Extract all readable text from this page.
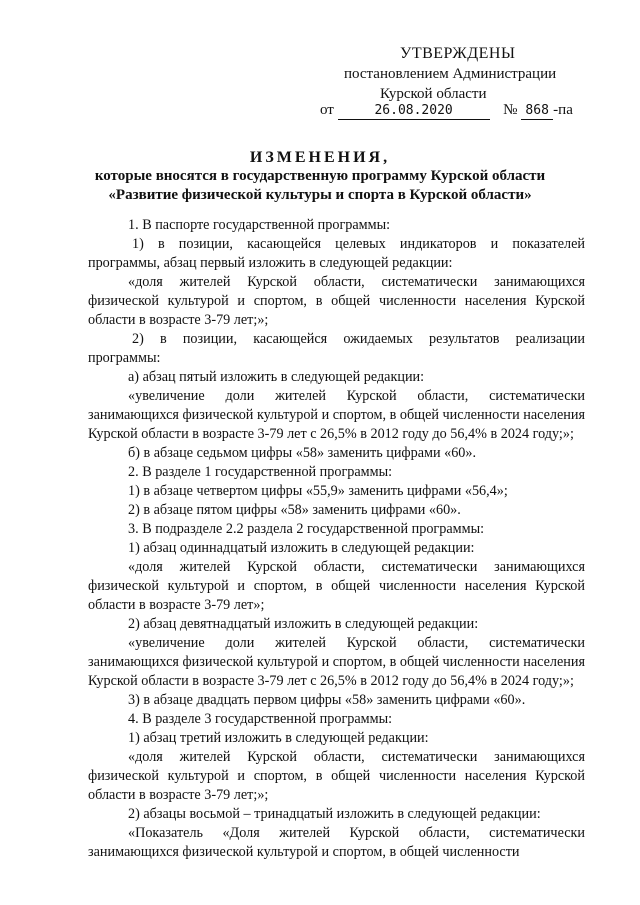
УТВЕРЖДЕНЫ
постановлением Администрации
Курской области
от	26.08.2020	№ 868 -па
ИЗМЕНЕНИЯ,
которые вносятся в государственную программу Курской области
«Развитие физической культуры и спорта в Курской области»

1. В паспорте государственной программы:

1) в позиции, касающейся целевых индикаторов и показателей программы, абзац первый изложить в следующей редакции:

«доля жителей Курской области, систематически занимающихся физической культурой и спортом, в общей численности населения Курской области в возрасте 3-79 лет;»;

2) в позиции, касающейся ожидаемых результатов реализации программы:

а) абзац пятый изложить в следующей редакции:

«увеличение доли жителей Курской области, систематически занимающихся физической культурой и спортом, в общей численности населения Курской области в возрасте 3-79 лет с 26,5% в 2012 году до 56,4% в 2024 году;»;

б) в абзаце седьмом цифры «58» заменить цифрами «60».

2. В разделе 1 государственной программы:

1) в абзаце четвертом цифры «55,9» заменить цифрами «56,4»;

2) в абзаце пятом цифры «58» заменить цифрами «60».

3. В подразделе 2.2 раздела 2 государственной программы:

1) абзац одиннадцатый изложить в следующей редакции:

«доля жителей Курской области, систематически занимающихся физической культурой и спортом, в общей численности населения Курской области в возрасте 3-79 лет»;

2) абзац девятнадцатый изложить в следующей редакции:

«увеличение доли жителей Курской области, систематически занимающихся физической культурой и спортом, в общей численности населения Курской области в возрасте 3-79 лет с 26,5% в 2012 году до 56,4% в 2024 году;»;

3) в абзаце двадцать первом цифры «58» заменить цифрами «60».

4. В разделе 3 государственной программы:

1) абзац третий изложить в следующей редакции:

«доля жителей Курской области, систематически занимающихся физической культурой и спортом, в общей численности населения Курской области в возрасте 3-79 лет;»;

2) абзацы восьмой – тринадцатый изложить в следующей редакции:

«Показатель «Доля жителей Курской области, систематически занимающихся физической культурой и спортом, в общей численности
